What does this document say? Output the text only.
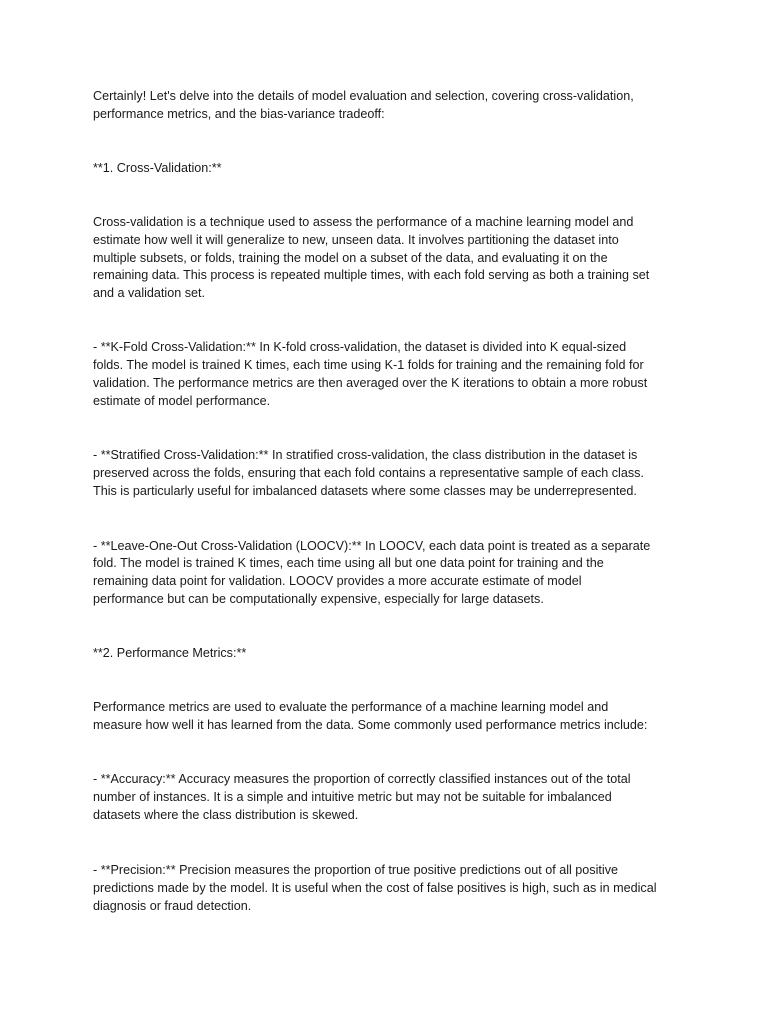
Certainly! Let's delve into the details of model evaluation and selection, covering cross-validation,

performance metrics, and the bias-variance tradeoff:

**1. Cross-Validation:**

Cross-validation is a technique used to assess the performance of a machine learning model and

estimate how well it will generalize to new, unseen data. It involves partitioning the dataset into

multiple subsets, or folds, training the model on a subset of the data, and evaluating it on the

remaining data. This process is repeated multiple times, with each fold serving as both a training set

and a validation set.

- **K-Fold Cross-Validation:** In K-fold cross-validation, the dataset is divided into K equal-sized

folds. The model is trained K times, each time using K-1 folds for training and the remaining fold for

validation. The performance metrics are then averaged over the K iterations to obtain a more robust

estimate of model performance.

- **Stratified Cross-Validation:** In stratified cross-validation, the class distribution in the dataset is

preserved across the folds, ensuring that each fold contains a representative sample of each class.

This is particularly useful for imbalanced datasets where some classes may be underrepresented.

- **Leave-One-Out Cross-Validation (LOOCV):** In LOOCV, each data point is treated as a separate

fold. The model is trained K times, each time using all but one data point for training and the

remaining data point for validation. LOOCV provides a more accurate estimate of model

performance but can be computationally expensive, especially for large datasets.

**2. Performance Metrics:**

Performance metrics are used to evaluate the performance of a machine learning model and

measure how well it has learned from the data. Some commonly used performance metrics include:

- **Accuracy:** Accuracy measures the proportion of correctly classified instances out of the total

number of instances. It is a simple and intuitive metric but may not be suitable for imbalanced

datasets where the class distribution is skewed.

- **Precision:** Precision measures the proportion of true positive predictions out of all positive

predictions made by the model. It is useful when the cost of false positives is high, such as in medical

diagnosis or fraud detection.
